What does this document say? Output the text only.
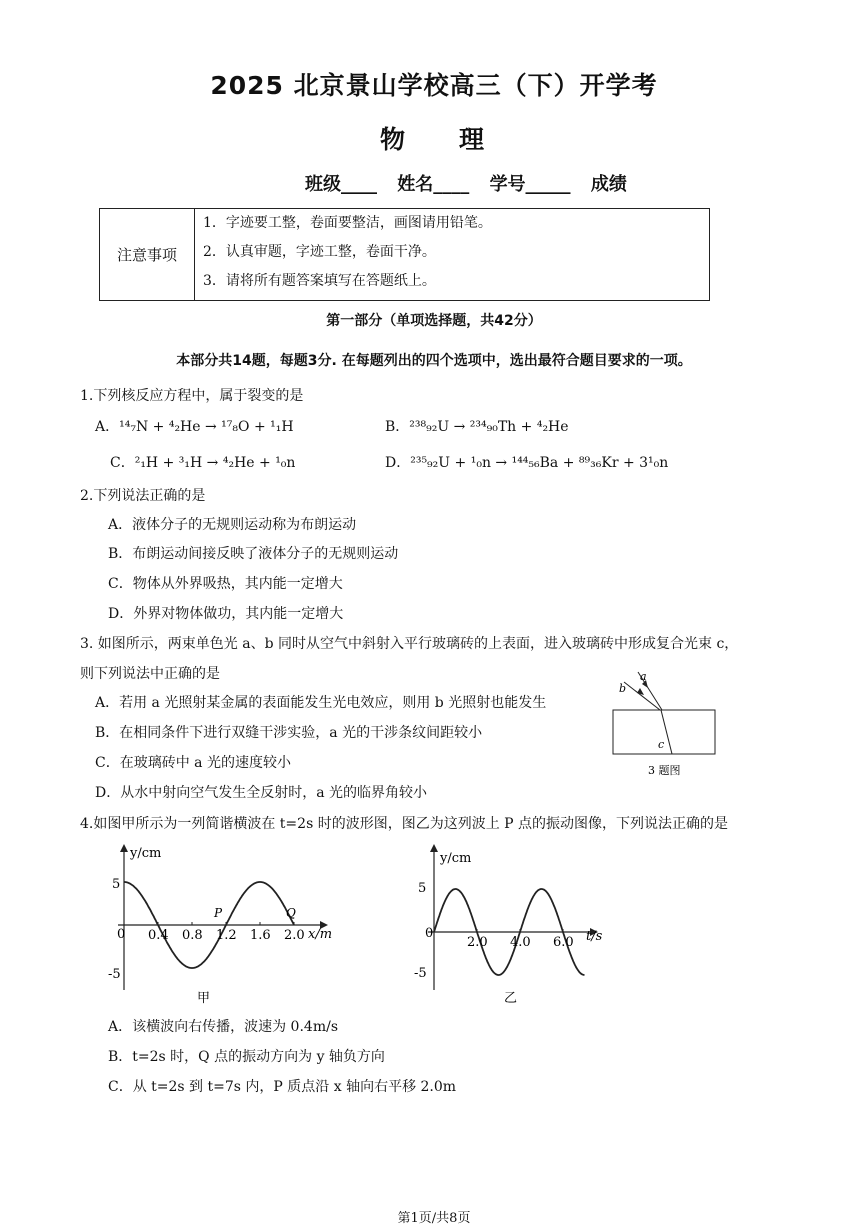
2025 北京景山学校高三（下）开学考
物理
班级____ 姓名____ 学号_____ 成绩
注意事项	
1．字迹要工整，卷面要整洁，画图请用铅笔。
2．认真审题，字迹工整，卷面干净。
3．请将所有题答案填写在答题纸上。
第一部分（单项选择题，共42分）
本部分共14题，每题3分. 在每题列出的四个选项中，选出最符合题目要求的一项。
1.下列核反应方程中，属于裂变的是
A．¹⁴₇N + ⁴₂He → ¹⁷₈O + ¹₁H	B．²³⁸₉₂U → ²³⁴₉₀Th + ⁴₂He
C．²₁H + ³₁H → ⁴₂He + ¹₀n	D．²³⁵₉₂U + ¹₀n → ¹⁴⁴₅₆Ba + ⁸⁹₃₆Kr + 3¹₀n
2.下列说法正确的是
A．液体分子的无规则运动称为布朗运动
B．布朗运动间接反映了液体分子的无规则运动
C．物体从外界吸热，其内能一定增大
D．外界对物体做功，其内能一定增大
3. 如图所示，两束单色光 a、b 同时从空气中斜射入平行玻璃砖的上表面，进入玻璃砖中形成复合光束 c，
则下列说法中正确的是
A．若用 a 光照射某金属的表面能发生光电效应，则用 b 光照射也能发生
B．在相同条件下进行双缝干涉实验，a 光的干涉条纹间距较小
C．在玻璃砖中 a 光的速度较小
D．从水中射向空气发生全反射时，a 光的临界角较小
a
b
c
3 题图
4.如图甲所示为一列简谐横波在 t=2s 时的波形图，图乙为这列波上 P 点的振动图像，下列说法正确的是
0.4 0.8 1.2 1.6 2.0
y/cm
x/m
5
-5
0
P	Q
甲
2.0 4.0 6.0
y/cm
t/s
5
-5
0
乙
A．该横波向右传播，波速为 0.4m/s
B．t=2s 时，Q 点的振动方向为 y 轴负方向
C．从 t=2s 到 t=7s 内，P 质点沿 x 轴向右平移 2.0m
第1页/共8页
